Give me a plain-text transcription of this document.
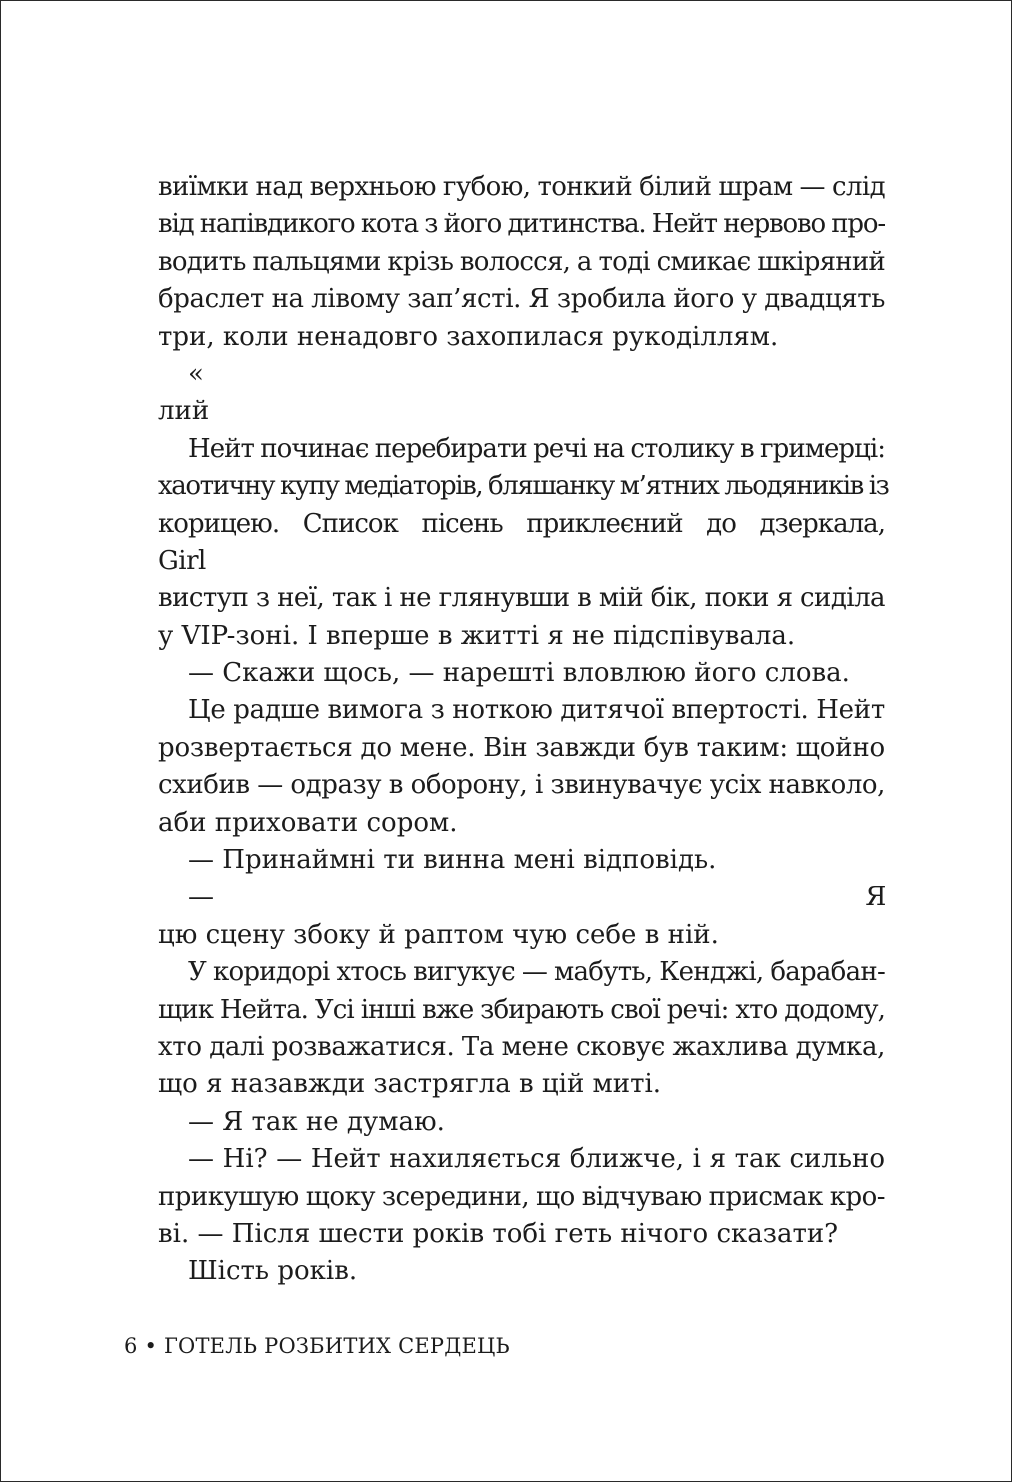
виїмки над верхньою губою, тонкий білий шрам — слід
від напівдикого кота з його дитинства. Нейт нервово про-
водить пальцями крізь волосся, а тоді смикає шкіряний
браслет на лівому зап’ясті. Я зробила його у двадцять
три, коли ненадовго захопилася рукоділлям.
«
лий
Нейт починає перебирати речі на столику в гримерці:
хаотичну купу медіаторів, бляшанку м’ятних льодяників із
корицею. Список пісень приклеєний до дзеркала,
Girl
виступ з неї, так і не глянувши в мій бік, поки я сиділа
у VIP-зоні. І вперше в житті я не підспівувала.
— Скажи щось, — нарешті вловлюю його слова.
Це радше вимога з ноткою дитячої впертості. Нейт
розвертається до мене. Він завжди був таким: щойно
схибив — одразу в оборону, і звинувачує усіх навколо,
аби приховати сором.
— Принаймні ти винна мені відповідь.
— Я
цю сцену збоку й раптом чую себе в ній.
У коридорі хтось вигукує — мабуть, Кенджі, барабан-
щик Нейта. Усі інші вже збирають свої речі: хто додому,
хто далі розважатися. Та мене сковує жахлива думка,
що я назавжди застрягла в цій миті.
— Я так не думаю.
— Ні? — Нейт нахиляється ближче, і я так сильно
прикушую щоку зсередини, що відчуваю присмак кро-
ві. — Після шести років тобі геть нічого сказати?
Шість років.
6 • ГОТЕЛЬ РОЗБИТИХ СЕРДЕЦЬ
